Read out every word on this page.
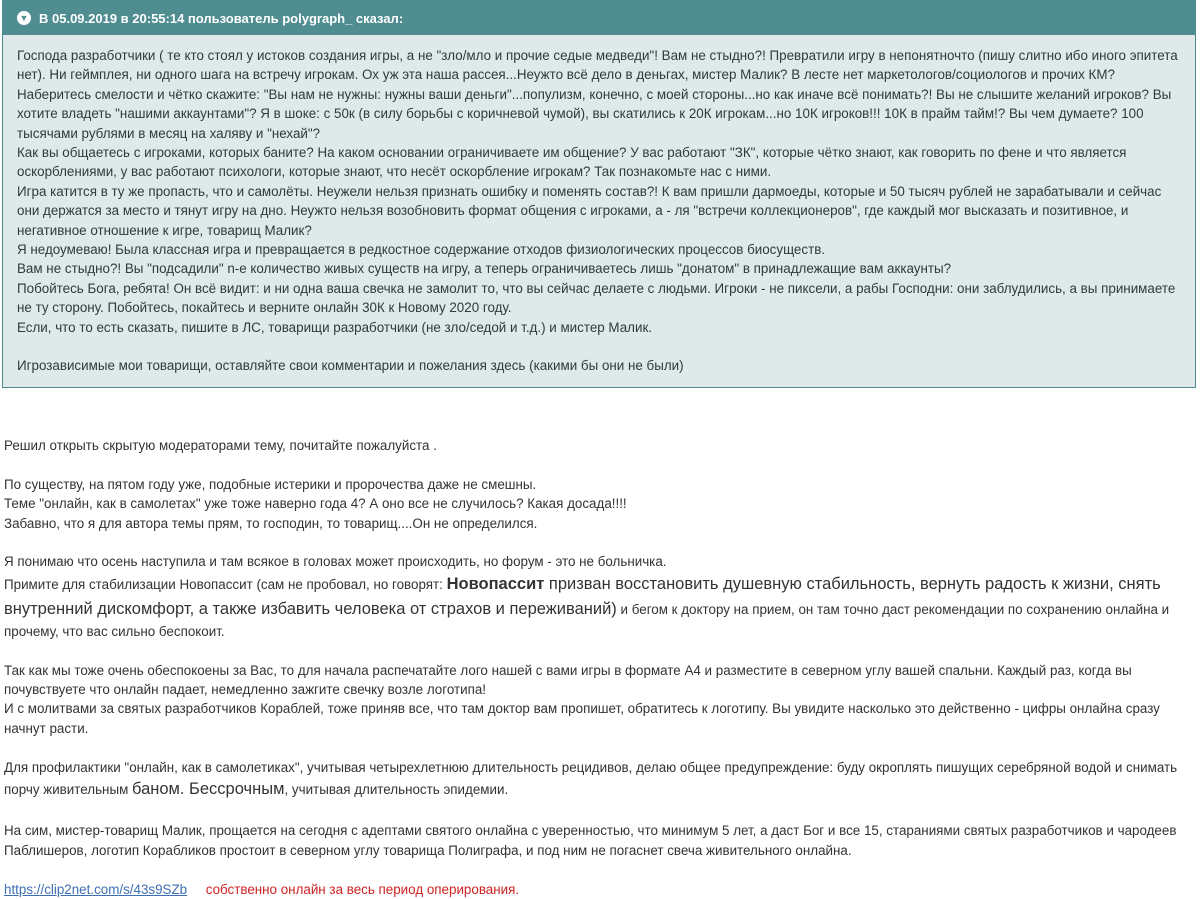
▼ В 05.09.2019 в 20:55:14 пользователь polygraph_ сказал:

Господа разработчики ( те кто стоял у истоков создания игры, а не "зло/мло и прочие седые медведи"! Вам не стыдно?! Превратили игру в непонятночто (пишу слитно ибо иного эпитета нет). Ни геймплея, ни одного шага на встречу игрокам. Ох уж эта наша рассея...Неужто всё дело в деньгах, мистер Малик? В лесте нет маркетологов/социологов и прочих КМ? Наберитесь смелости и чётко скажите: "Вы нам не нужны: нужны ваши деньги"...популизм, конечно, с моей стороны...но как иначе всё понимать?! Вы не слышите желаний игроков? Вы хотите владеть "нашими аккаунтами"? Я в шоке: с 50к (в силу борьбы с коричневой чумой), вы скатились к 20К игрокам...но 10К игроков!!! 10К в прайм тайм!? Вы чем думаете? 100 тысячами рублями в месяц на халяву и "нехай"?

Как вы общаетесь с игроками, которых баните? На каком основании ограничиваете им общение? У вас работают "ЗК", которые чётко знают, как говорить по фене и что является оскорблениями, у вас работают психологи, которые знают, что несёт оскорбление игрокам? Так познакомьте нас с ними.

Игра катится в ту же пропасть, что и самолёты. Неужели нельзя признать ошибку и поменять состав?! К вам пришли дармоеды, которые и 50 тысяч рублей не зарабатывали и сейчас они держатся за место и тянут игру на дно. Неужто нельзя возобновить формат общения с игроками, а - ля "встречи коллекционеров", где каждый мог высказать и позитивное, и негативное отношение к игре, товарищ Малик?

Я недоумеваю! Была классная игра и превращается в редкостное содержание отходов физиологических процессов биосуществ.

Вам не стыдно?! Вы "подсадили" n-е количество живых существ на игру, а теперь ограничиваетесь лишь "донатом" в принадлежащие вам аккаунты?

Побойтесь Бога, ребята! Он всё видит: и ни одна ваша свечка не замолит то, что вы сейчас делаете с людьми. Игроки - не пиксели, а рабы Господни: они заблудились, а вы принимаете не ту сторону. Побойтесь, покайтесь и верните онлайн 30К к Новому 2020 году.

Если, что то есть сказать, пишите в ЛС, товарищи разработчики (не зло/седой и т.д.) и мистер Малик.

Игрозависимые мои товарищи, оставляйте свои комментарии и пожелания здесь (какими бы они не были)

Решил открыть скрытую модераторами тему, почитайте пожалуйста .

По существу, на пятом году уже, подобные истерики и пророчества даже не смешны.

Теме "онлайн, как в самолетах" уже тоже наверно года 4? А оно все не случилось? Какая досада!!!!

Забавно, что я для автора темы прям, то господин, то товарищ....Он не определился.

Я понимаю что осень наступила и там всякое в головах может происходить, но форум - это не больничка.

Примите для стабилизации Новопассит (сам не пробовал, но говорят: Новопассит призван восстановить душевную стабильность, вернуть радость к жизни, снять внутренний дискомфорт, а также избавить человека от страхов и переживаний) и бегом к доктору на прием, он там точно даст рекомендации по сохранению онлайна и прочему, что вас сильно беспокоит.

Так как мы тоже очень обеспокоены за Вас, то для начала распечатайте лого нашей с вами игры в формате А4 и разместите в северном углу вашей спальни. Каждый раз, когда вы почувствуете что онлайн падает, немедленно зажгите свечку возле логотипа!

И с молитвами за святых разработчиков Кораблей, тоже приняв все, что там доктор вам пропишет, обратитесь к логотипу. Вы увидите насколько это действенно - цифры онлайна сразу начнут расти.

Для профилактики "онлайн, как в самолетиках", учитывая четырехлетнюю длительность рецидивов, делаю общее предупреждение: буду окроплять пишущих серебряной водой и снимать порчу живительным баном. Бессрочным, учитывая длительность эпидемии.

На сим, мистер-товарищ Малик, прощается на сегодня с адептами святого онлайна с уверенностью, что минимум 5 лет, а даст Бог и все 15, стараниями святых разработчиков и чародеев Паблишеров, логотип Корабликов простоит в северном углу товарища Полиграфа, и под ним не погаснет свеча живительного онлайна.

https://clip2net.com/s/43s9SZb собственно онлайн за весь период оперирования.
